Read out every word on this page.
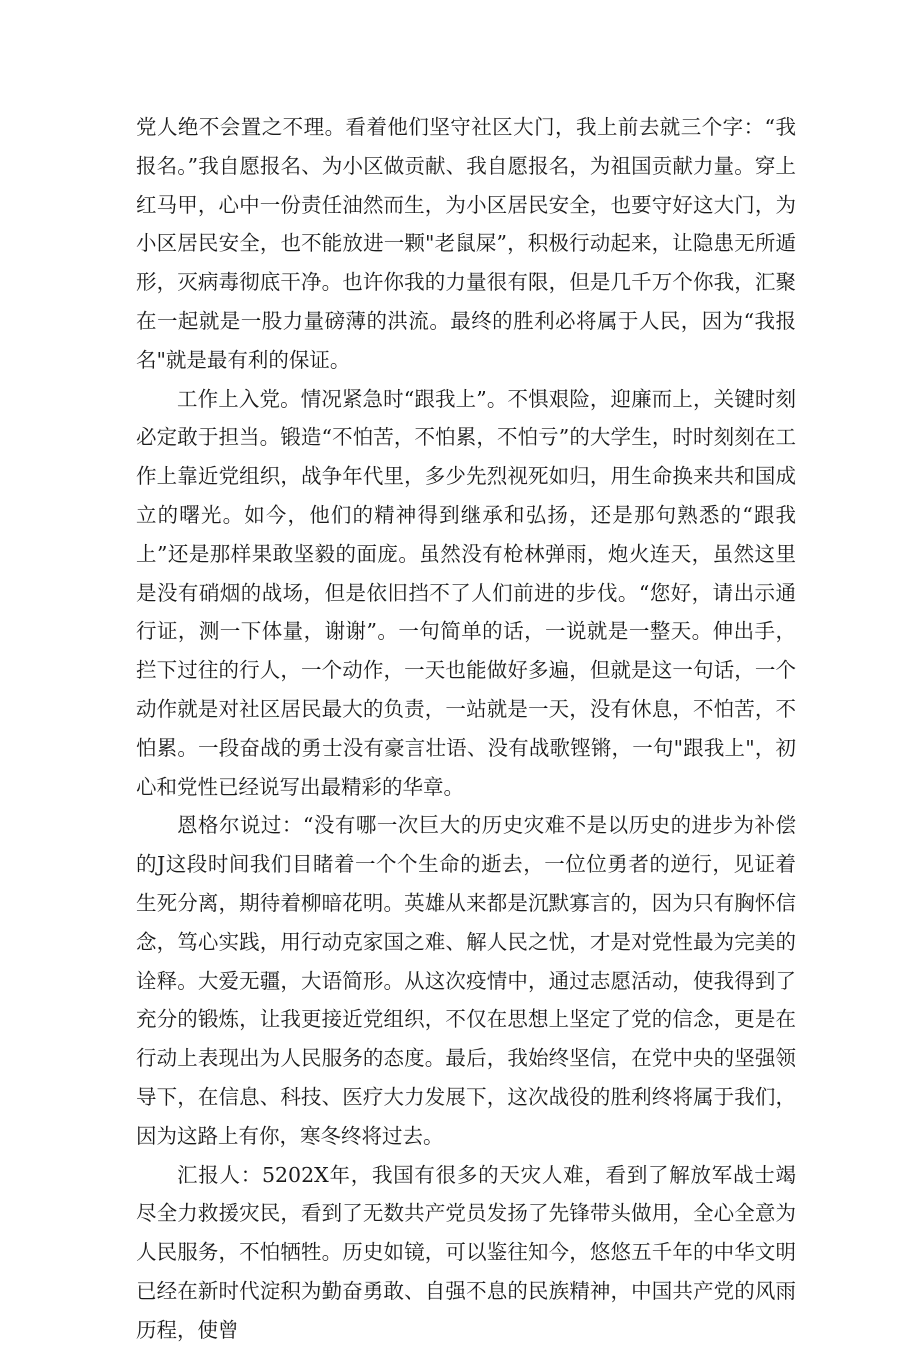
党人绝不会置之不理。看着他们坚守社区大门，我上前去就三个字：“我报名。”我自愿报名、为小区做贡献、我自愿报名，为祖国贡献力量。穿上红马甲，心中一份责任油然而生，为小区居民安全，也要守好这大门，为小区居民安全，也不能放进一颗"老鼠屎”，积极行动起来，让隐患无所遁形，灭病毒彻底干净。也许你我的力量很有限，但是几千万个你我，汇聚在一起就是一股力量磅薄的洪流。最终的胜利必将属于人民，因为“我报名"就是最有利的保证。

工作上入党。情况紧急时“跟我上”。不惧艰险，迎廉而上，关键时刻必定敢于担当。锻造“不怕苦，不怕累，不怕亏”的大学生，时时刻刻在工作上靠近党组织，战争年代里，多少先烈视死如归，用生命换来共和国成立的曙光。如今，他们的精神得到继承和弘扬，还是那句熟悉的“跟我上”还是那样果敢坚毅的面庞。虽然没有枪林弹雨，炮火连天，虽然这里是没有硝烟的战场，但是依旧挡不了人们前进的步伐。“您好，请出示通行证，测一下体量，谢谢”。一句简单的话，一说就是一整天。伸出手，拦下过往的行人，一个动作，一天也能做好多遍，但就是这一句话，一个动作就是对社区居民最大的负责，一站就是一天，没有休息，不怕苦，不怕累。一段奋战的勇士没有豪言壮语、没有战歌铿锵，一句"跟我上"，初心和党性已经说写出最精彩的华章。

恩格尔说过：“没有哪一次巨大的历史灾难不是以历史的进步为补偿的J这段时间我们目睹着一个个生命的逝去，一位位勇者的逆行，见证着生死分离，期待着柳暗花明。英雄从来都是沉默寡言的，因为只有胸怀信念，笃心实践，用行动克家国之难、解人民之忧，才是对党性最为完美的诠释。大爱无疆，大语简形。从这次疫情中，通过志愿活动，使我得到了充分的锻炼，让我更接近党组织，不仅在思想上坚定了党的信念，更是在行动上表现出为人民服务的态度。最后，我始终坚信，在党中央的坚强领导下，在信息、科技、医疗大力发展下，这次战役的胜利终将属于我们，因为这路上有你，寒冬终将过去。

汇报人：5202X年，我国有很多的天灾人难，看到了解放军战士竭尽全力救援灾民，看到了无数共产党员发扬了先锋带头做用，全心全意为人民服务，不怕牺牲。历史如镜，可以鉴往知今，悠悠五千年的中华文明已经在新时代淀积为勤奋勇敢、自强不息的民族精神，中国共产党的风雨历程，使曾
